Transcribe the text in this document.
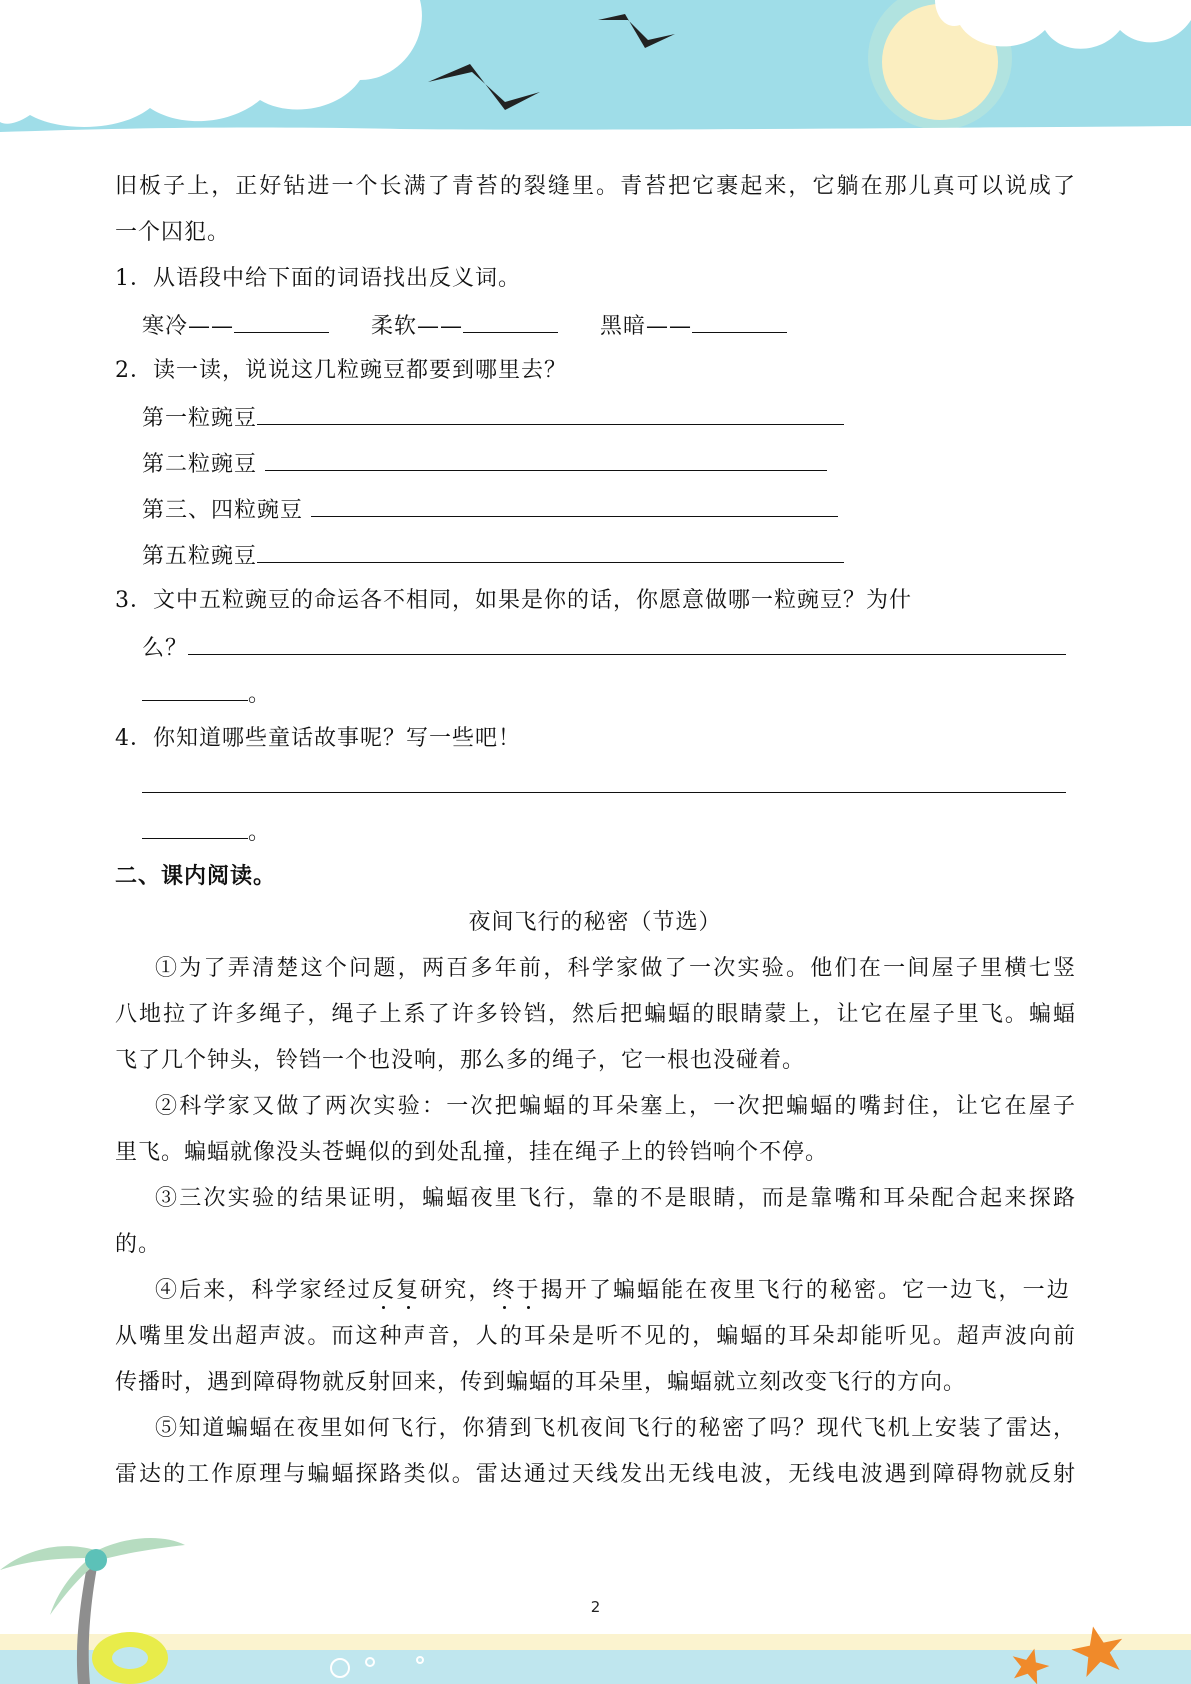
旧板子上，正好钻进一个长满了青苔的裂缝里。青苔把它裹起来，它躺在那儿真可以说成了
一个囚犯。
1．从语段中给下面的词语找出反义词。
寒冷——	柔软——	黑暗——
2．读一读，说说这几粒豌豆都要到哪里去？
第一粒豌豆
第二粒豌豆
第三、四粒豌豆
第五粒豌豆
3．文中五粒豌豆的命运各不相同，如果是你的话，你愿意做哪一粒豌豆？为什
么？
。
4．你知道哪些童话故事呢？写一些吧！
。
二、课内阅读。
夜间飞行的秘密（节选）
①为了弄清楚这个问题，两百多年前，科学家做了一次实验。他们在一间屋子里横七竖
八地拉了许多绳子，绳子上系了许多铃铛，然后把蝙蝠的眼睛蒙上，让它在屋子里飞。蝙蝠
飞了几个钟头，铃铛一个也没响，那么多的绳子，它一根也没碰着。
②科学家又做了两次实验：一次把蝙蝠的耳朵塞上，一次把蝙蝠的嘴封住，让它在屋子
里飞。蝙蝠就像没头苍蝇似的到处乱撞，挂在绳子上的铃铛响个不停。
③三次实验的结果证明，蝙蝠夜里飞行，靠的不是眼睛，而是靠嘴和耳朵配合起来探路
的。
④后来，科学家经过反复研究，终于揭开了蝙蝠能在夜里飞行的秘密。它一边飞，一边
从嘴里发出超声波。而这种声音，人的耳朵是听不见的，蝙蝠的耳朵却能听见。超声波向前
传播时，遇到障碍物就反射回来，传到蝙蝠的耳朵里，蝙蝠就立刻改变飞行的方向。
⑤知道蝙蝠在夜里如何飞行，你猜到飞机夜间飞行的秘密了吗？现代飞机上安装了雷达，
雷达的工作原理与蝙蝠探路类似。雷达通过天线发出无线电波，无线电波遇到障碍物就反射
2
